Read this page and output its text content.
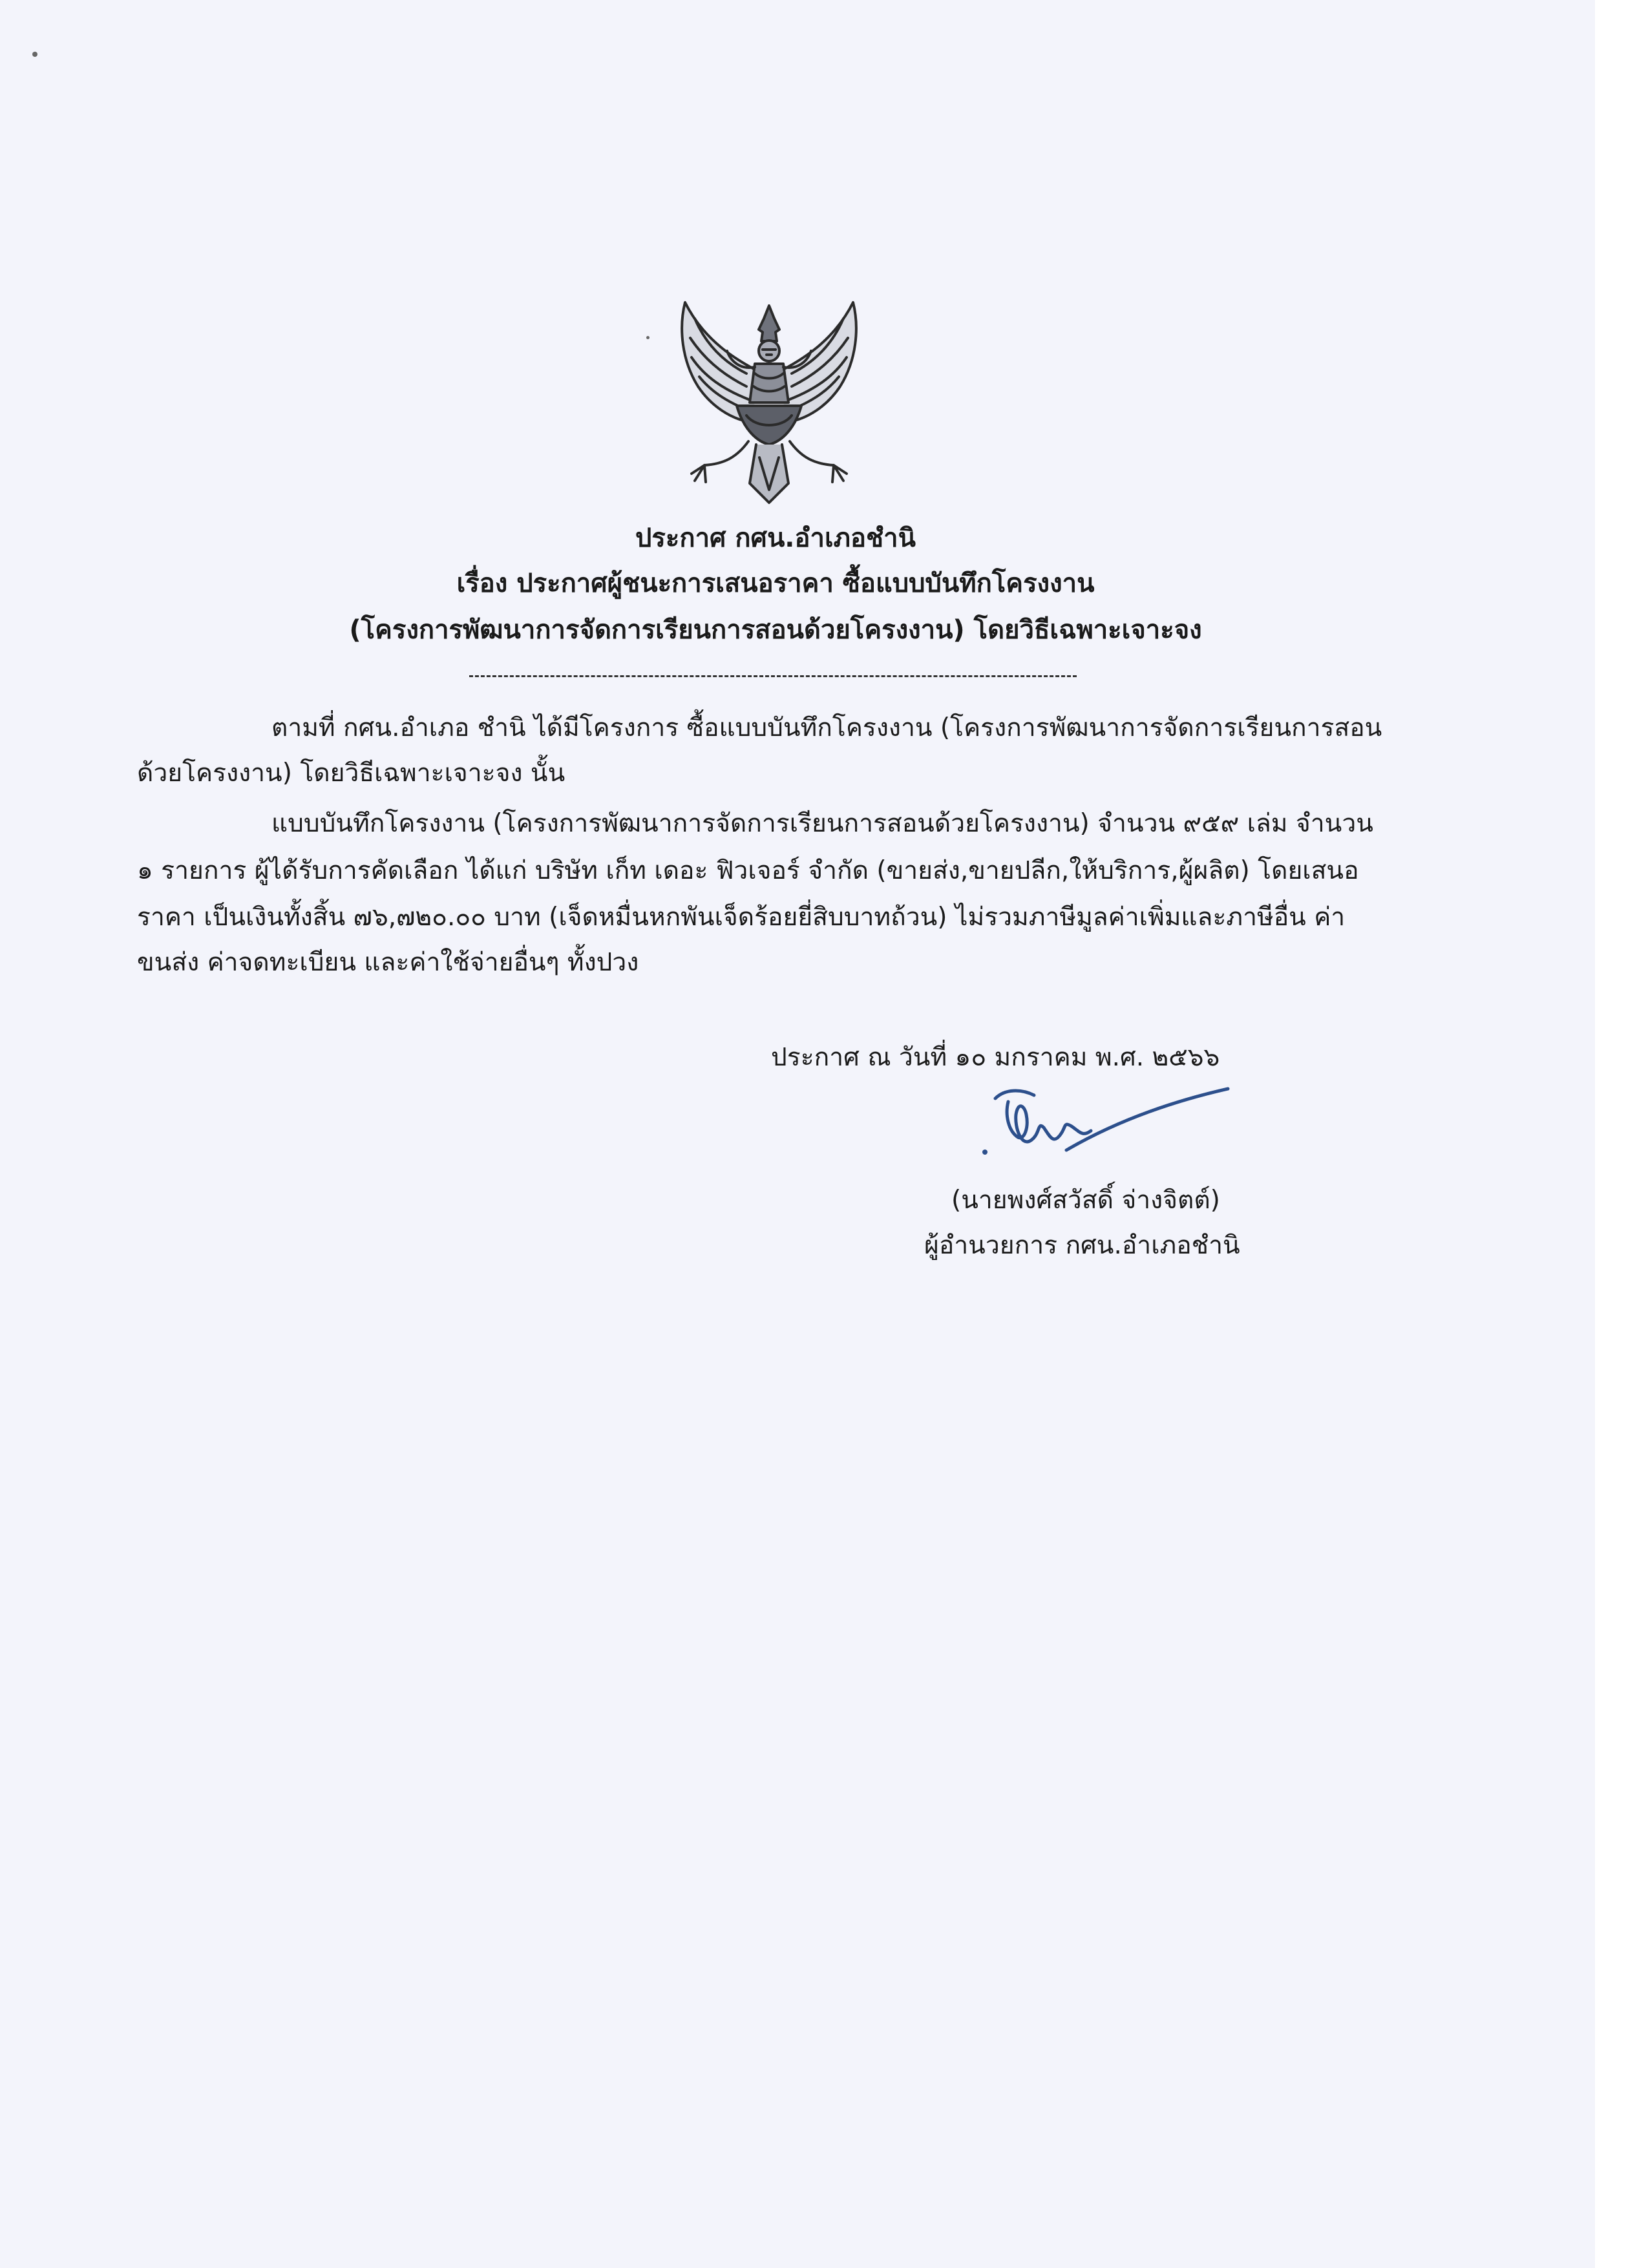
ประกาศ กศน.อำเภอชำนิ
เรื่อง ประกาศผู้ชนะการเสนอราคา ซื้อแบบบันทึกโครงงาน
(โครงการพัฒนาการจัดการเรียนการสอนด้วยโครงงาน) โดยวิธีเฉพาะเจาะจง
ตามที่ กศน.อำเภอ ชำนิ ได้มีโครงการ ซื้อแบบบันทึกโครงงาน (โครงการพัฒนาการจัดการเรียนการสอน
ด้วยโครงงาน) โดยวิธีเฉพาะเจาะจง นั้น
แบบบันทึกโครงงาน (โครงการพัฒนาการจัดการเรียนการสอนด้วยโครงงาน) จำนวน ๙๕๙ เล่ม จำนวน
๑ รายการ ผู้ได้รับการคัดเลือก ได้แก่ บริษัท เก็ท เดอะ ฟิวเจอร์ จำกัด (ขายส่ง,ขายปลีก,ให้บริการ,ผู้ผลิต) โดยเสนอ
ราคา เป็นเงินทั้งสิ้น ๗๖,๗๒๐.๐๐ บาท (เจ็ดหมื่นหกพันเจ็ดร้อยยี่สิบบาทถ้วน) ไม่รวมภาษีมูลค่าเพิ่มและภาษีอื่น ค่า
ขนส่ง ค่าจดทะเบียน และค่าใช้จ่ายอื่นๆ ทั้งปวง
ประกาศ ณ วันที่ ๑๐ มกราคม พ.ศ. ๒๕๖๖
(นายพงศ์สวัสดิ์ จ่างจิตต์)
ผู้อำนวยการ กศน.อำเภอชำนิ
